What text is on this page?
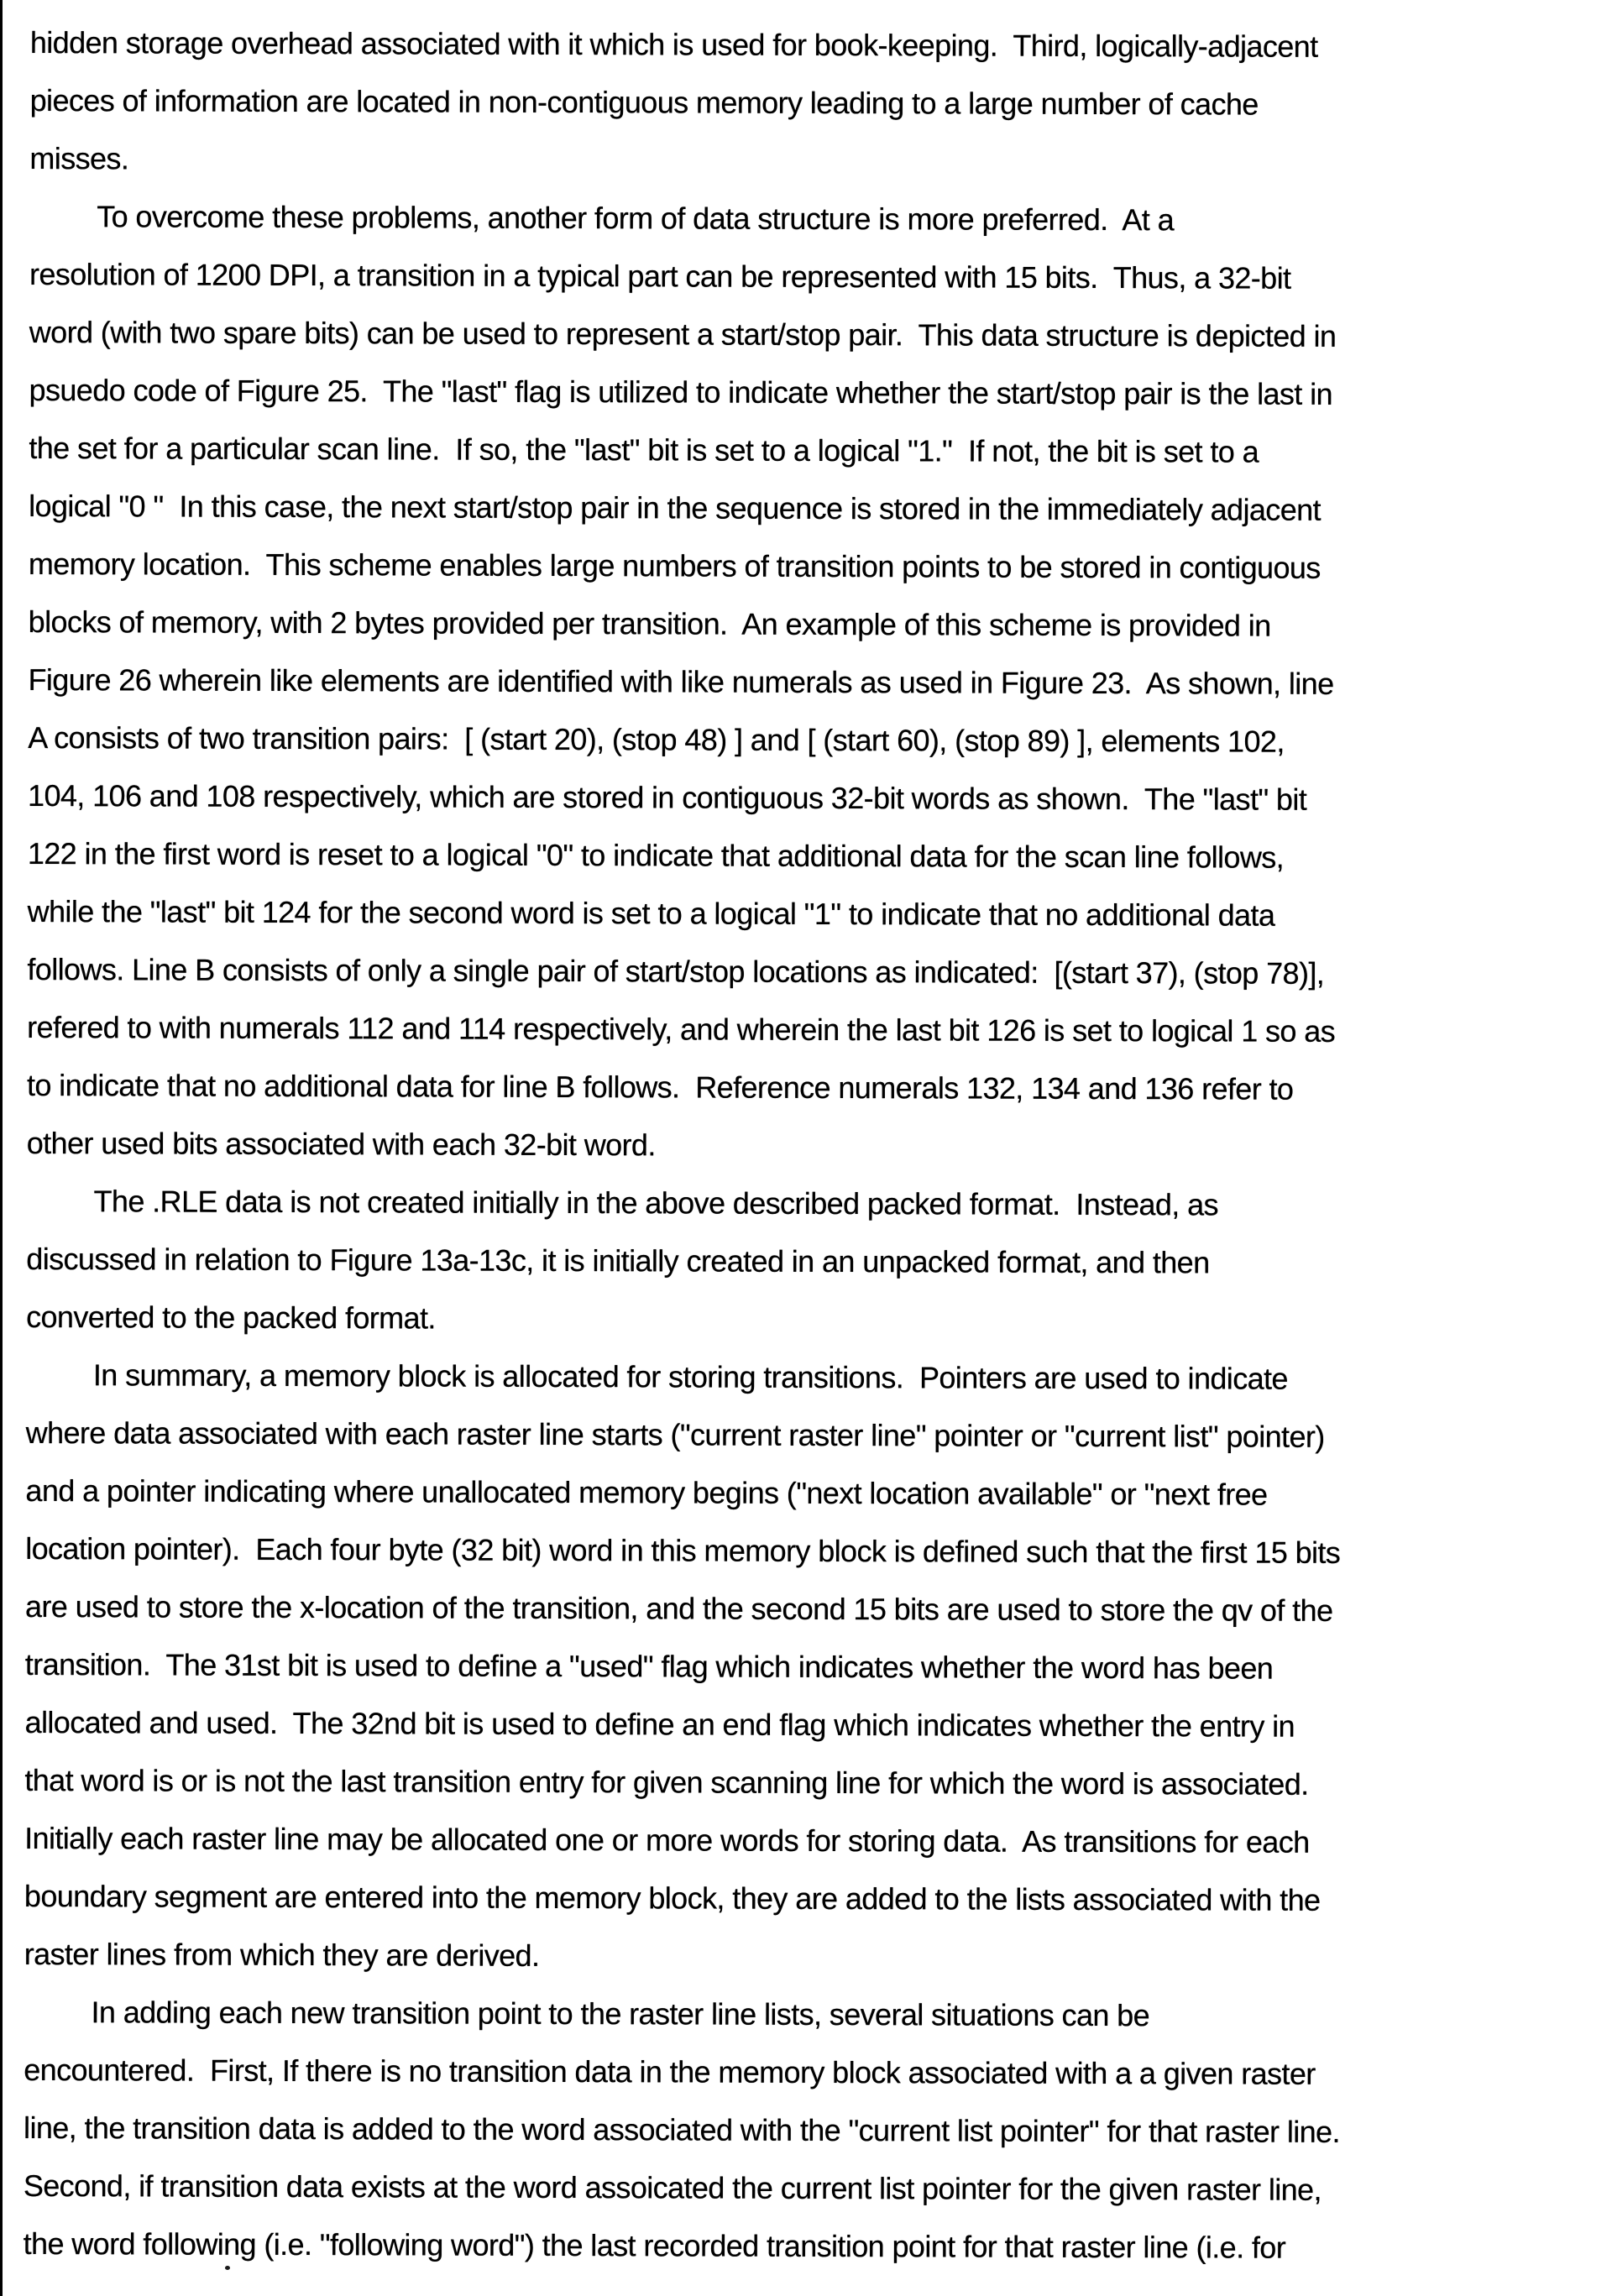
hidden storage overhead associated with it which is used for book-keeping.  Third, logically-adjacent
pieces of information are located in non-contiguous memory leading to a large number of cache
misses.
To overcome these problems, another form of data structure is more preferred.  At a
resolution of 1200 DPI, a transition in a typical part can be represented with 15 bits.  Thus, a 32-bit
word (with two spare bits) can be used to represent a start/stop pair.  This data structure is depicted in
psuedo code of Figure 25.  The "last" flag is utilized to indicate whether the start/stop pair is the last in
the set for a particular scan line.  If so, the "last" bit is set to a logical "1."  If not, the bit is set to a
logical "0 "  In this case, the next start/stop pair in the sequence is stored in the immediately adjacent
memory location.  This scheme enables large numbers of transition points to be stored in contiguous
blocks of memory, with 2 bytes provided per transition.  An example of this scheme is provided in
Figure 26 wherein like elements are identified with like numerals as used in Figure 23.  As shown, line
A consists of two transition pairs:  [ (start 20), (stop 48) ] and [ (start 60), (stop 89) ], elements 102,
104, 106 and 108 respectively, which are stored in contiguous 32-bit words as shown.  The "last" bit
122 in the first word is reset to a logical "0" to indicate that additional data for the scan line follows,
while the "last" bit 124 for the second word is set to a logical "1" to indicate that no additional data
follows. Line B consists of only a single pair of start/stop locations as indicated:  [(start 37), (stop 78)],
refered to with numerals 112 and 114 respectively, and wherein the last bit 126 is set to logical 1 so as
to indicate that no additional data for line B follows.  Reference numerals 132, 134 and 136 refer to
other used bits associated with each 32-bit word.
The .RLE data is not created initially in the above described packed format.  Instead, as
discussed in relation to Figure 13a-13c, it is initially created in an unpacked format, and then
converted to the packed format.
In summary, a memory block is allocated for storing transitions.  Pointers are used to indicate
where data associated with each raster line starts ("current raster line" pointer or "current list" pointer)
and a pointer indicating where unallocated memory begins ("next location available" or "next free
location pointer).  Each four byte (32 bit) word in this memory block is defined such that the first 15 bits
are used to store the x-location of the transition, and the second 15 bits are used to store the qv of the
transition.  The 31st bit is used to define a "used" flag which indicates whether the word has been
allocated and used.  The 32nd bit is used to define an end flag which indicates whether the entry in
that word is or is not the last transition entry for given scanning line for which the word is associated.
Initially each raster line may be allocated one or more words for storing data.  As transitions for each
boundary segment are entered into the memory block, they are added to the lists associated with the
raster lines from which they are derived.
In adding each new transition point to the raster line lists, several situations can be
encountered.  First, If there is no transition data in the memory block associated with a a given raster
line, the transition data is added to the word associated with the "current list pointer" for that raster line.
Second, if transition data exists at the word assoicated the current list pointer for the given raster line,
the word following (i.e. "following word") the last recorded transition point for that raster line (i.e. for
